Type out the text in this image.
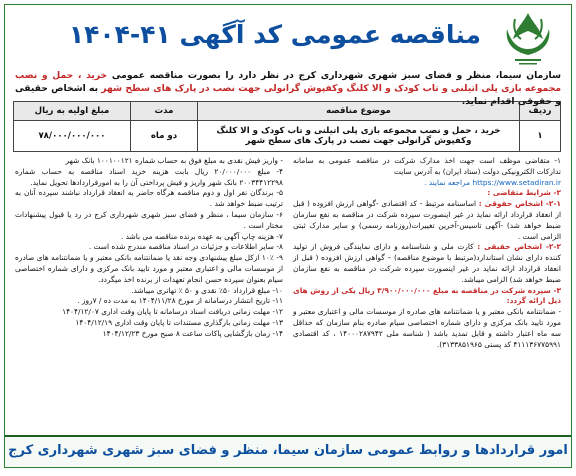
مناقصه عمومی کد آگهی ۴۱-۱۴۰۴
سازمان سیما، منظر و فضای سبز شهری شهرداری کرج در نظر دارد را بصورت مناقصه عمومی خرید ، حمل و نصب مجموعه بازی پلی اتیلنی و تاب کودک و الا کلنگ وکفپوش گرانولی جهت نصب در پارک های سطح شهر به اشخاص حقیقی و حقوقی اقدام نماید.
ردیف	موضوع مناقصه	مدت	مبلغ اولیه به ریال
۱	خرید ، حمل و نصب مجموعه بازی پلی اتیلنی و تاب کودک و الا کلنگ وکفپوش گرانولی جهت نصب در پارک های سطح شهر	دو ماه	۷۸/۰۰۰/۰۰۰/۰۰۰

۱- متقاضی موظف است جهت اخذ مدارک شرکت در مناقصه عمومی به سامانه تدارکات الکترونیکی دولت (ستاد ایران) به آدرس سایت

https://www.setadiran.ir مراجعه نمایند .

۲- شرایط متقاضی :

۲-۱- اشخاص حقوقی : اساسنامه مرتبط - کد اقتصادی -گواهی ارزش افزوده ( قبل از انعقاد قرارداد ارائه نماید در غیر اینصورت سپرده شرکت در مناقصه به نفع سازمان ضبط خواهد شد) -آگهی تاسیس-آخرین تغییرات(روزنامه رسمی) و سایر مدارک ثبتی الزامی است .

۲-۲- اشخاص حقیقی : کارت ملی و شناسنامه و دارای نمایندگی فروش از تولید کننده دارای نشان استاندارد(مرتبط با موضوع مناقصه) – گواهی ارزش افزوده ( قبل از انعقاد قرارداد ارائه نماید در غیر اینصورت سپرده شرکت در مناقصه به نفع سازمان ضبط خواهد شد) الزامی میباشد.

۳- سپرده شرکت در مناقصه به مبلغ ۳/۹۰۰/۰۰۰/۰۰۰ ریال یکی از روش های ذیل ارائه گردد:

- ضمانتنامه بانکی معتبر و یا ضمانتنامه های صادره از موسسات مالی و اعتباری معتبر و مورد تایید بانک مرکزی و دارای شماره اختصاصی سیام صادره بنام سازمان که حداقل سه ماه اعتبار داشته و قابل تمدید باشد ( شناسه ملی ۱۴۰۰۰۲۸۷۹۴۲ ، کد اقتصادی ۴۱۱۱۳۶۷۷۵۹۹۱ کد پستی ۳۱۳۳۸۵۱۹۶۵).

- واریز فیش نقدی به مبلغ فوق به حساب شماره ۱۰۰۱۰۰۱۲۱ بانک شهر

۴- مبلغ ۲۰/۰۰۰/۰۰۰ ریال بابت هزینه خرید اسناد مناقصه به حساب شماره ۲۰۰۳۴۴۱۲۲۹۸ بانک شهر واریز و فیش پرداختی آن را به امورقراردادها تحویل نماید.

۵- برندگان نفر اول و دوم مناقصه هرگاه حاضر به انعقاد قرارداد نباشند سپرده آنان به ترتیب ضبط خواهد شد .

۶- سازمان سیما ، منظر و فضای سبز شهری شهرداری کرج در رد یا قبول پیشنهادات مختار است .

۷- هزینه چاپ آگهی به عهده برنده مناقصه می باشد .

۸- سایر اطلاعات و جزئیات در اسناد مناقصه مندرج شده است .

۹- ۱۰٪ ازکل مبلغ پیشنهادی وجه نقد یا ضمانتنامه بانکی معتبر و یا ضمانتنامه های صادره از موسسات مالی و اعتباری معتبر و مورد تایید بانک مرکزی و دارای شماره اختصاصی سیام بعنوان سپرده حسن انجام تعهدات از برنده اخذ میگردد.

۱۰- مبلغ قرارداد ۵۰٪ نقدی و ۵۰ ٪ تهاتری میباشد.

۱۱- تاریخ انتشار درسامانه از مورخ ۱۴۰۴/۱۱/۲۸ به مدت ده / ۷روز .

۱۲- مهلت زمانی دریافت اسناد درسامانه تا پایان وقت اداری ۱۴۰۴/۱۲/۰۷

۱۳- مهلت زمانی بارگذاری مستندات تا پایان وقت اداری ۱۴۰۴/۱۲/۱۹

۱۴- زمان بازگشایی پاکات ساعت ۸ صبح مورخ ۱۴۰۴/۱۲/۲۳

امور قراردادها و روابط عمومی سازمان سیما، منظر و فضای سبز شهری شهرداری کرج
